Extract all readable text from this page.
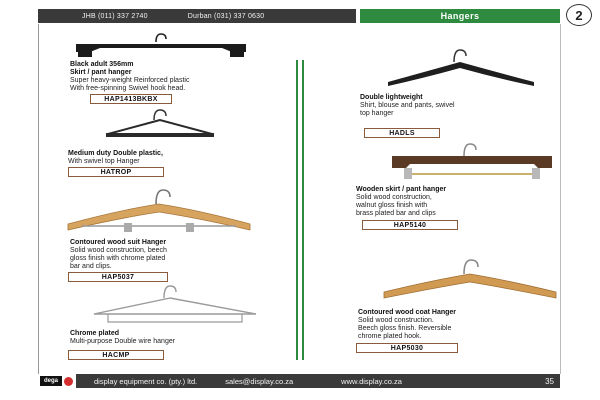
JHB (011) 337 2740	Durban (031) 337 0630	Hangers	2
Black adult 356mm
Skirt / pant hanger
Super heavy-weight Reinforced plastic
With free-spinning Swivel hook head.
HAP1413BKBX
Medium duty Double plastic,
With swivel top Hanger
HATROP
Contoured wood suit Hanger
Solid wood construction, beech
gloss finish with chrome plated
bar and clips.
HAP5037
Chrome plated
Multi-purpose Double wire hanger
HACMP
Double lightweight
Shirt, blouse and pants, swivel
top hanger
HADLS
Wooden skirt / pant hanger
Solid wood construction,
walnut gloss finish with
brass plated bar and clips
HAP5140
Contoured wood coat Hanger
Solid wood construction.
Beech gloss finish. Reversible
chrome plated hook.
HAP5030
dega	display equipment co. (pty.) ltd.	sales@display.co.za	www.display.co.za	35
